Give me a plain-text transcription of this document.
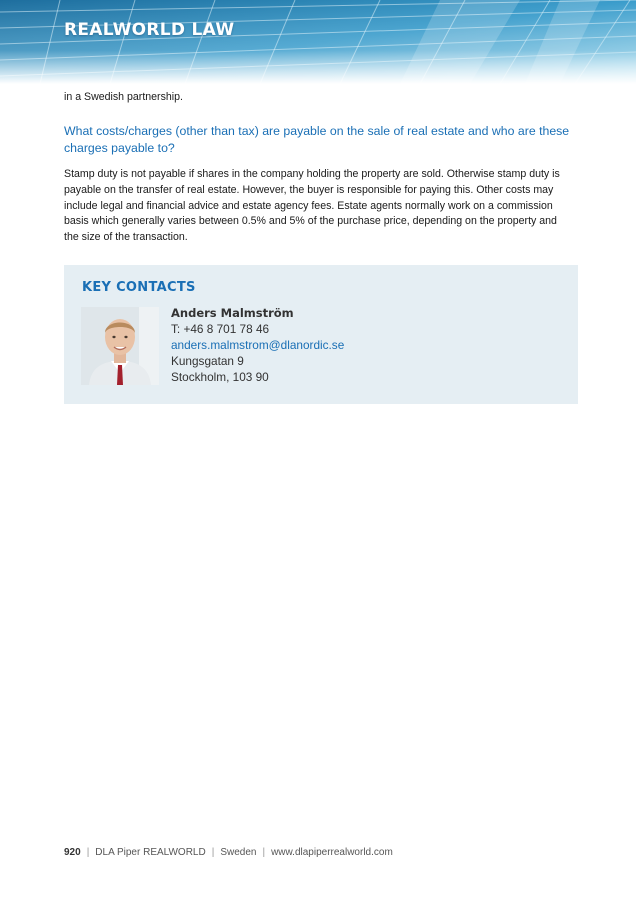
REALWORLD LAW

in a Swedish partnership.

What costs/charges (other than tax) are payable on the sale of real estate and who are these charges payable to?

Stamp duty is not payable if shares in the company holding the property are sold. Otherwise stamp duty is payable on the transfer of real estate. However, the buyer is responsible for paying this. Other costs may include legal and financial advice and estate agency fees. Estate agents normally work on a commission basis which generally varies between 0.5% and 5% of the purchase price, depending on the property and the size of the transaction.

KEY CONTACTS
Anders Malmström
T: +46 8 701 78 46
anders.malmstrom@dlanordic.se
Kungsgatan 9
Stockholm, 103 90
920 | DLA Piper REALWORLD | Sweden | www.dlapiperrealworld.com
